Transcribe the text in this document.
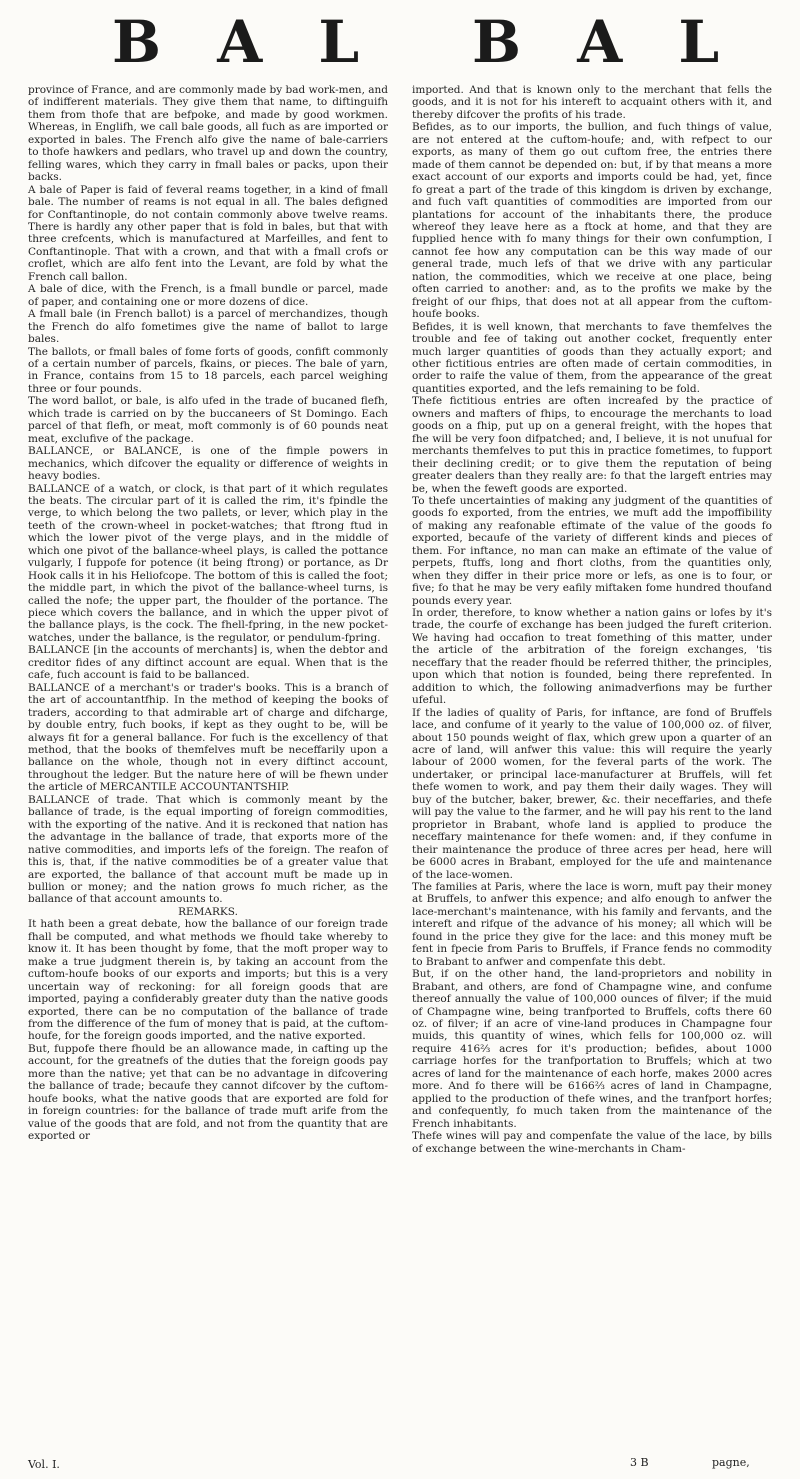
B A L B A L

province of France, and are commonly made by bad work-men, and of indifferent materials. They give them that name, to diftinguifh them from thofe that are befpoke, and made by good workmen. Whereas, in Englifh, we call bale goods, all fuch as are imported or exported in bales. The French alfo give the name of bale-carriers to thofe hawkers and pedlars, who travel up and down the country, felling wares, which they carry in fmall bales or packs, upon their backs.

A bale of Paper is faid of feveral reams together, in a kind of fmall bale. The number of reams is not equal in all. The bales defigned for Conftantinople, do not contain commonly above twelve reams. There is hardly any other paper that is fold in bales, but that with three crefcents, which is manufactured at Marfeilles, and fent to Conftantinople. That with a crown, and that with a fmall crofs or croflet, which are alfo fent into the Levant, are fold by what the French call ballon.

A bale of dice, with the French, is a fmall bundle or parcel, made of paper, and containing one or more dozens of dice.

A fmall bale (in French ballot) is a parcel of merchandizes, though the French do alfo fometimes give the name of ballot to large bales.

The ballots, or fmall bales of fome forts of goods, confift commonly of a certain number of parcels, fkains, or pieces. The bale of yarn, in France, contains from 15 to 18 parcels, each parcel weighing three or four pounds.

The word ballot, or bale, is alfo ufed in the trade of bucaned flefh, which trade is carried on by the buccaneers of St Domingo. Each parcel of that flefh, or meat, moft commonly is of 60 pounds neat meat, exclufive of the package.

BALLANCE, or BALANCE, is one of the fimple powers in mechanics, which difcover the equality or difference of weights in heavy bodies.

BALLANCE of a watch, or clock, is that part of it which regulates the beats. The circular part of it is called the rim, it's fpindle the verge, to which belong the two pallets, or lever, which play in the teeth of the crown-wheel in pocket-watches; that ftrong ftud in which the lower pivot of the verge plays, and in the middle of which one pivot of the ballance-wheel plays, is called the pottance vulgarly, I fuppofe for potence (it being ftrong) or portance, as Dr Hook calls it in his Heliofcope. The bottom of this is called the foot; the middle part, in which the pivot of the ballance-wheel turns, is called the nofe; the upper part, the fhoulder of the portance. The piece which covers the ballance, and in which the upper pivot of the ballance plays, is the cock. The fhell-fpring, in the new pocket-watches, under the ballance, is the regulator, or pendulum-fpring.

BALLANCE [in the accounts of merchants] is, when the debtor and creditor fides of any diftinct account are equal. When that is the cafe, fuch account is faid to be ballanced.

BALLANCE of a merchant's or trader's books. This is a branch of the art of accountantfhip. In the method of keeping the books of traders, according to that admirable art of charge and difcharge, by double entry, fuch books, if kept as they ought to be, will be always fit for a general ballance. For fuch is the excellency of that method, that the books of themfelves muft be neceffarily upon a ballance on the whole, though not in every diftinct account, throughout the ledger. But the nature here of will be fhewn under the article of MERCANTILE ACCOUNTANTSHIP.

BALLANCE of trade. That which is commonly meant by the ballance of trade, is the equal importing of foreign commodities, with the exporting of the native. And it is reckoned that nation has the advantage in the ballance of trade, that exports more of the native commodities, and imports lefs of the foreign. The reafon of this is, that, if the native commodities be of a greater value that are exported, the ballance of that account muft be made up in bullion or money; and the nation grows fo much richer, as the ballance of that account amounts to.

REMARKS.

It hath been a great debate, how the ballance of our foreign trade fhall be computed, and what methods we fhould take whereby to know it. It has been thought by fome, that the moft proper way to make a true judgment therein is, by taking an account from the cuftom-houfe books of our exports and imports; but this is a very uncertain way of reckoning: for all foreign goods that are imported, paying a confiderably greater duty than the native goods exported, there can be no computation of the ballance of trade from the difference of the fum of money that is paid, at the cuftom-houfe, for the foreign goods imported, and the native exported.

But, fuppofe there fhould be an allowance made, in cafting up the account, for the greatnefs of the duties that the foreign goods pay more than the native; yet that can be no advantage in difcovering the ballance of trade; becaufe they cannot difcover by the cuftom-houfe books, what the native goods that are exported are fold for in foreign countries: for the ballance of trade muft arife from the value of the goods that are fold, and not from the quantity that are exported or

imported. And that is known only to the merchant that fells the goods, and it is not for his intereft to acquaint others with it, and thereby difcover the profits of his trade.

Befides, as to our imports, the bullion, and fuch things of value, are not entered at the cuftom-houfe; and, with refpect to our exports, as many of them go out cuftom free, the entries there made of them cannot be depended on: but, if by that means a more exact account of our exports and imports could be had, yet, fince fo great a part of the trade of this kingdom is driven by exchange, and fuch vaft quantities of commodities are imported from our plantations for account of the inhabitants there, the produce whereof they leave here as a ftock at home, and that they are fupplied hence with fo many things for their own confumption, I cannot fee how any computation can be this way made of our general trade, much lefs of that we drive with any particular nation, the commodities, which we receive at one place, being often carried to another: and, as to the profits we make by the freight of our fhips, that does not at all appear from the cuftom-houfe books.

Befides, it is well known, that merchants to fave themfelves the trouble and fee of taking out another cocket, frequently enter much larger quantities of goods than they actually export; and other fictitious entries are often made of certain commodities, in order to raife the value of them, from the appearance of the great quantities exported, and the lefs remaining to be fold.

Thefe fictitious entries are often increafed by the practice of owners and mafters of fhips, to encourage the merchants to load goods on a fhip, put up on a general freight, with the hopes that fhe will be very foon difpatched; and, I believe, it is not unufual for merchants themfelves to put this in practice fometimes, to fupport their declining credit; or to give them the reputation of being greater dealers than they really are: fo that the largeft entries may be, when the feweft goods are exported.

To thefe uncertainties of making any judgment of the quantities of goods fo exported, from the entries, we muft add the impoffibility of making any reafonable eftimate of the value of the goods fo exported, becaufe of the variety of different kinds and pieces of them. For inftance, no man can make an eftimate of the value of perpets, ftuffs, long and fhort cloths, from the quantities only, when they differ in their price more or lefs, as one is to four, or five; fo that he may be very eafily miftaken fome hundred thoufand pounds every year.

In order, therefore, to know whether a nation gains or lofes by it's trade, the courfe of exchange has been judged the fureft criterion. We having had occafion to treat fomething of this matter, under the article of the arbitration of the foreign exchanges, 'tis neceffary that the reader fhould be referred thither, the principles, upon which that notion is founded, being there reprefented. In addition to which, the following animadverfions may be further ufeful.

If the ladies of quality of Paris, for inftance, are fond of Bruffels lace, and confume of it yearly to the value of 100,000 oz. of filver, about 150 pounds weight of flax, which grew upon a quarter of an acre of land, will anfwer this value: this will require the yearly labour of 2000 women, for the feveral parts of the work. The undertaker, or principal lace-manufacturer at Bruffels, will fet thefe women to work, and pay them their daily wages. They will buy of the butcher, baker, brewer, &c. their neceffaries, and thefe will pay the value to the farmer, and he will pay his rent to the land proprietor in Brabant, whofe land is applied to produce the neceffary maintenance for thefe women: and, if they confume in their maintenance the produce of three acres per head, here will be 6000 acres in Brabant, employed for the ufe and maintenance of the lace-women.

The families at Paris, where the lace is worn, muft pay their money at Bruffels, to anfwer this expence; and alfo enough to anfwer the lace-merchant's maintenance, with his family and fervants, and the intereft and rifque of the advance of his money; all which will be found in the price they give for the lace: and this money muft be fent in fpecie from Paris to Bruffels, if France fends no commodity to Brabant to anfwer and compenfate this debt.

But, if on the other hand, the land-proprietors and nobility in Brabant, and others, are fond of Champagne wine, and confume thereof annually the value of 100,000 ounces of filver; if the muid of Champagne wine, being tranfported to Bruffels, cofts there 60 oz. of filver; if an acre of vine-land produces in Champagne four muids, this quantity of wines, which fells for 100,000 oz. will require 416⅔ acres for it's production; befides, about 1000 carriage horfes for the tranfportation to Bruffels; which at two acres of land for the maintenance of each horfe, makes 2000 acres more. And fo there will be 6166⅔ acres of land in Champagne, applied to the production of thefe wines, and the tranfport horfes; and confequently, fo much taken from the maintenance of the French inhabitants.

Thefe wines will pay and compenfate the value of the lace, by bills of exchange between the wine-merchants in Cham-

Vol. I.	3 B	pagne,
